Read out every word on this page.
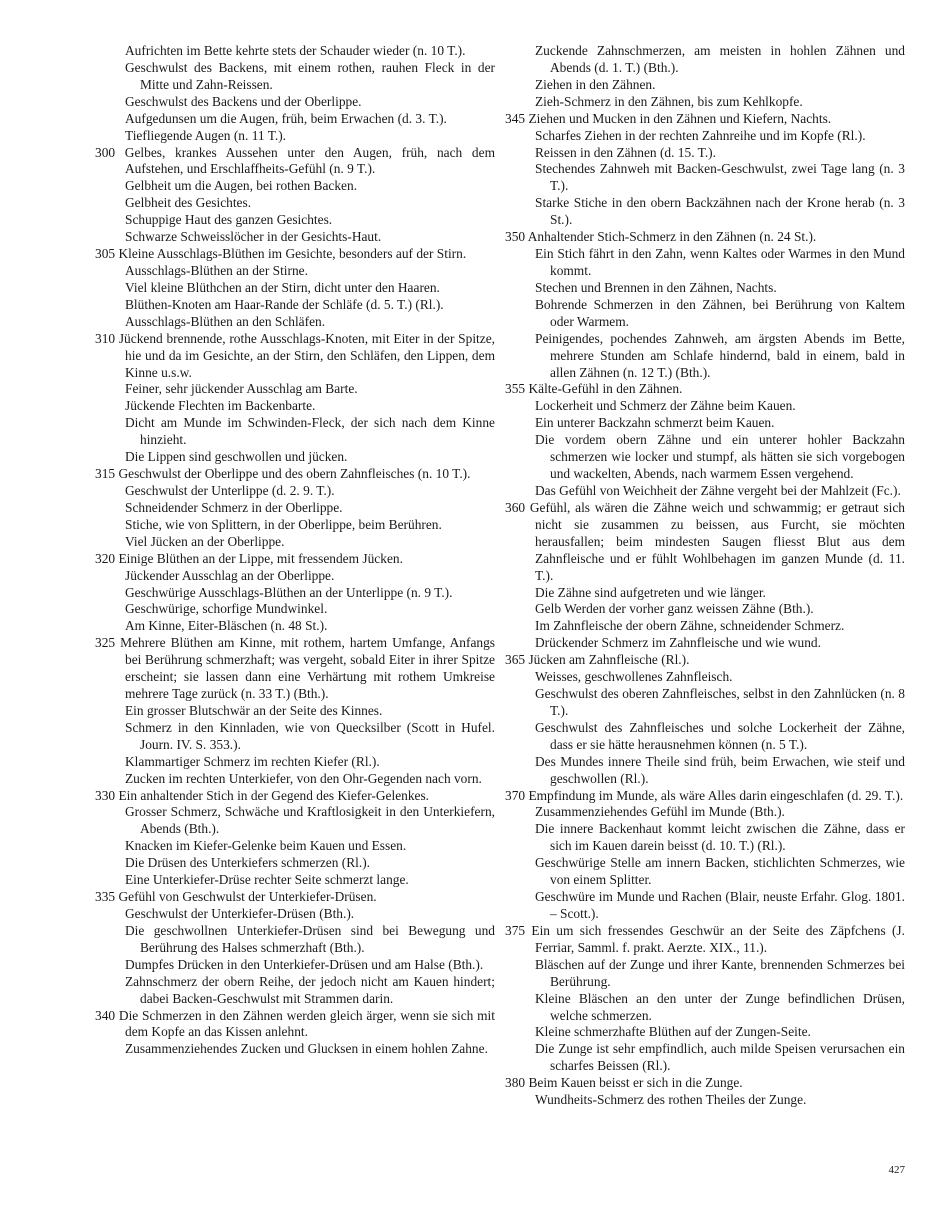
Aufrichten im Bette kehrte stets der Schauder wieder (n. 10 T.).
Geschwulst des Backens, mit einem rothen, rauhen Fleck in der Mitte und Zahn-Reissen.
Geschwulst des Backens und der Oberlippe.
Aufgedunsen um die Augen, früh, beim Erwachen (d. 3. T.).
Tiefliegende Augen (n. 11 T.).
300 Gelbes, krankes Aussehen unter den Augen, früh, nach dem Aufstehen, und Erschlaffheits-Gefühl (n. 9 T.).
Gelbheit um die Augen, bei rothen Backen.
Gelbheit des Gesichtes.
Schuppige Haut des ganzen Gesichtes.
Schwarze Schweisslöcher in der Gesichts-Haut.
305 Kleine Ausschlags-Blüthen im Gesichte, besonders auf der Stirn.
Ausschlags-Blüthen an der Stirne.
Viel kleine Blüthchen an der Stirn, dicht unter den Haaren.
Blüthen-Knoten am Haar-Rande der Schläfe (d. 5. T.) (Rl.).
Ausschlags-Blüthen an den Schläfen.
310 Jückend brennende, rothe Ausschlags-Knoten, mit Eiter in der Spitze, hie und da im Gesichte, an der Stirn, den Schläfen, den Lippen, dem Kinne u.s.w.
Feiner, sehr jückender Ausschlag am Barte.
Jückende Flechten im Backenbarte.
Dicht am Munde im Schwinden-Fleck, der sich nach dem Kinne hinzieht.
Die Lippen sind geschwollen und jücken.
315 Geschwulst der Oberlippe und des obern Zahnfleisches (n. 10 T.).
Geschwulst der Unterlippe (d. 2. 9. T.).
Schneidender Schmerz in der Oberlippe.
Stiche, wie von Splittern, in der Oberlippe, beim Berühren.
Viel Jücken an der Oberlippe.
320 Einige Blüthen an der Lippe, mit fressendem Jücken.
Jückender Ausschlag an der Oberlippe.
Geschwürige Ausschlags-Blüthen an der Unterlippe (n. 9 T.).
Geschwürige, schorfige Mundwinkel.
Am Kinne, Eiter-Bläschen (n. 48 St.).
325 Mehrere Blüthen am Kinne, mit rothem, hartem Umfange, Anfangs bei Berührung schmerzhaft; was vergeht, sobald Eiter in ihrer Spitze erscheint; sie lassen dann eine Verhärtung mit rothem Umkreise mehrere Tage zurück (n. 33 T.) (Bth.).
Ein grosser Blutschwär an der Seite des Kinnes.
Schmerz in den Kinnladen, wie von Quecksilber (Scott in Hufel. Journ. IV. S. 353.).
Klammartiger Schmerz im rechten Kiefer (Rl.).
Zucken im rechten Unterkiefer, von den Ohr-Gegenden nach vorn.
330 Ein anhaltender Stich in der Gegend des Kiefer-Gelenkes.
Grosser Schmerz, Schwäche und Kraftlosigkeit in den Unterkiefern, Abends (Bth.).
Knacken im Kiefer-Gelenke beim Kauen und Essen.
Die Drüsen des Unterkiefers schmerzen (Rl.).
Eine Unterkiefer-Drüse rechter Seite schmerzt lange.
335 Gefühl von Geschwulst der Unterkiefer-Drüsen.
Geschwulst der Unterkiefer-Drüsen (Bth.).
Die geschwollnen Unterkiefer-Drüsen sind bei Bewegung und Berührung des Halses schmerzhaft (Bth.).
Dumpfes Drücken in den Unterkiefer-Drüsen und am Halse (Bth.).
Zahnschmerz der obern Reihe, der jedoch nicht am Kauen hindert; dabei Backen-Geschwulst mit Strammen darin.
340 Die Schmerzen in den Zähnen werden gleich ärger, wenn sie sich mit dem Kopfe an das Kissen anlehnt.
Zusammenziehendes Zucken und Glucksen in einem hohlen Zahne.
Zuckende Zahnschmerzen, am meisten in hohlen Zähnen und Abends (d. 1. T.) (Bth.).
Ziehen in den Zähnen.
Zieh-Schmerz in den Zähnen, bis zum Kehlkopfe.
345 Ziehen und Mucken in den Zähnen und Kiefern, Nachts.
Scharfes Ziehen in der rechten Zahnreihe und im Kopfe (Rl.).
Reissen in den Zähnen (d. 15. T.).
Stechendes Zahnweh mit Backen-Geschwulst, zwei Tage lang (n. 3 T.).
Starke Stiche in den obern Backzähnen nach der Krone herab (n. 3 St.).
350 Anhaltender Stich-Schmerz in den Zähnen (n. 24 St.).
Ein Stich fährt in den Zahn, wenn Kaltes oder Warmes in den Mund kommt.
Stechen und Brennen in den Zähnen, Nachts.
Bohrende Schmerzen in den Zähnen, bei Berührung von Kaltem oder Warmem.
Peinigendes, pochendes Zahnweh, am ärgsten Abends im Bette, mehrere Stunden am Schlafe hindernd, bald in einem, bald in allen Zähnen (n. 12 T.) (Bth.).
355 Kälte-Gefühl in den Zähnen.
Lockerheit und Schmerz der Zähne beim Kauen.
Ein unterer Backzahn schmerzt beim Kauen.
Die vordem obern Zähne und ein unterer hohler Backzahn schmerzen wie locker und stumpf, als hätten sie sich vorgebogen und wackelten, Abends, nach warmem Essen vergehend.
Das Gefühl von Weichheit der Zähne vergeht bei der Mahlzeit (Fc.).
360 Gefühl, als wären die Zähne weich und schwammig; er getraut sich nicht sie zusammen zu beissen, aus Furcht, sie möchten herausfallen; beim mindesten Saugen fliesst Blut aus dem Zahnfleische und er fühlt Wohlbehagen im ganzen Munde (d. 11. T.).
Die Zähne sind aufgetreten und wie länger.
Gelb Werden der vorher ganz weissen Zähne (Bth.).
Im Zahnfleische der obern Zähne, schneidender Schmerz.
Drückender Schmerz im Zahnfleische und wie wund.
365 Jücken am Zahnfleische (Rl.).
Weisses, geschwollenes Zahnfleisch.
Geschwulst des oberen Zahnfleisches, selbst in den Zahnlücken (n. 8 T.).
Geschwulst des Zahnfleisches und solche Lockerheit der Zähne, dass er sie hätte herausnehmen können (n. 5 T.).
Des Mundes innere Theile sind früh, beim Erwachen, wie steif und geschwollen (Rl.).
370 Empfindung im Munde, als wäre Alles darin eingeschlafen (d. 29. T.).
Zusammenziehendes Gefühl im Munde (Bth.).
Die innere Backenhaut kommt leicht zwischen die Zähne, dass er sich im Kauen darein beisst (d. 10. T.) (Rl.).
Geschwürige Stelle am innern Backen, stichlichten Schmerzes, wie von einem Splitter.
Geschwüre im Munde und Rachen (Blair, neuste Erfahr. Glog. 1801. – Scott.).
375 Ein um sich fressendes Geschwür an der Seite des Zäpfchens (J. Ferriar, Samml. f. prakt. Aerzte. XIX., 11.).
Bläschen auf der Zunge und ihrer Kante, brennenden Schmerzes bei Berührung.
Kleine Bläschen an den unter der Zunge befindlichen Drüsen, welche schmerzen.
Kleine schmerzhafte Blüthen auf der Zungen-Seite.
Die Zunge ist sehr empfindlich, auch milde Speisen verursachen ein scharfes Beissen (Rl.).
380 Beim Kauen beisst er sich in die Zunge.
Wundheits-Schmerz des rothen Theiles der Zunge.
427
